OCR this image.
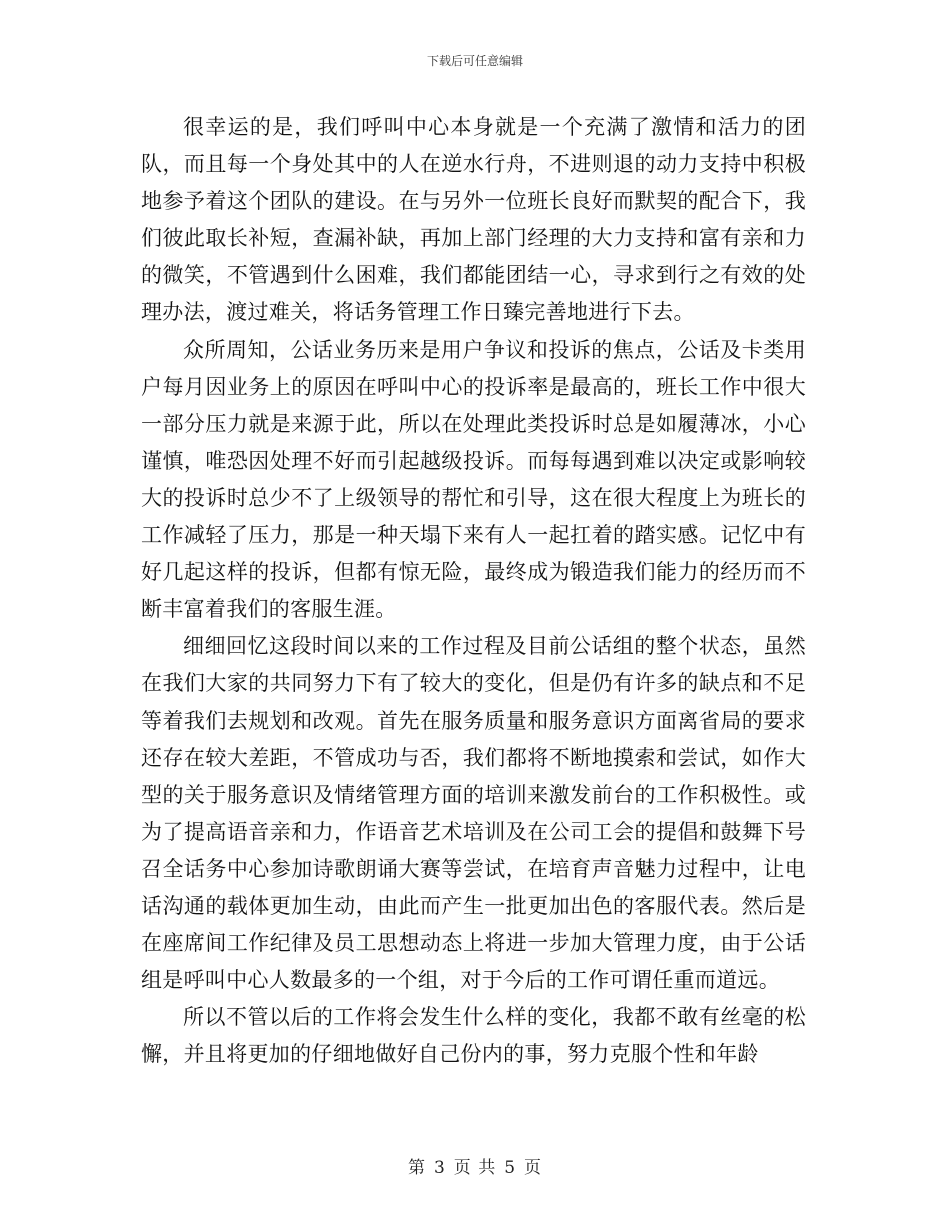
下载后可任意编辑

很幸运的是，我们呼叫中心本身就是一个充满了激情和活力的团队，而且每一个身处其中的人在逆水行舟，不进则退的动力支持中积极地参予着这个团队的建设。在与另外一位班长良好而默契的配合下，我们彼此取长补短，查漏补缺，再加上部门经理的大力支持和富有亲和力的微笑，不管遇到什么困难，我们都能团结一心，寻求到行之有效的处理办法，渡过难关，将话务管理工作日臻完善地进行下去。

众所周知，公话业务历来是用户争议和投诉的焦点，公话及卡类用户每月因业务上的原因在呼叫中心的投诉率是最高的，班长工作中很大一部分压力就是来源于此，所以在处理此类投诉时总是如履薄冰，小心谨慎，唯恐因处理不好而引起越级投诉。而每每遇到难以决定或影响较大的投诉时总少不了上级领导的帮忙和引导，这在很大程度上为班长的工作减轻了压力，那是一种天塌下来有人一起扛着的踏实感。记忆中有好几起这样的投诉，但都有惊无险，最终成为锻造我们能力的经历而不断丰富着我们的客服生涯。

细细回忆这段时间以来的工作过程及目前公话组的整个状态，虽然在我们大家的共同努力下有了较大的变化，但是仍有许多的缺点和不足等着我们去规划和改观。首先在服务质量和服务意识方面离省局的要求还存在较大差距，不管成功与否，我们都将不断地摸索和尝试，如作大型的关于服务意识及情绪管理方面的培训来激发前台的工作积极性。或为了提高语音亲和力，作语音艺术培训及在公司工会的提倡和鼓舞下号召全话务中心参加诗歌朗诵大赛等尝试，在培育声音魅力过程中，让电话沟通的载体更加生动，由此而产生一批更加出色的客服代表。然后是在座席间工作纪律及员工思想动态上将进一步加大管理力度，由于公话组是呼叫中心人数最多的一个组，对于今后的工作可谓任重而道远。

所以不管以后的工作将会发生什么样的变化，我都不敢有丝毫的松懈，并且将更加的仔细地做好自己份内的事，努力克服个性和年龄

第 3 页 共 5 页
